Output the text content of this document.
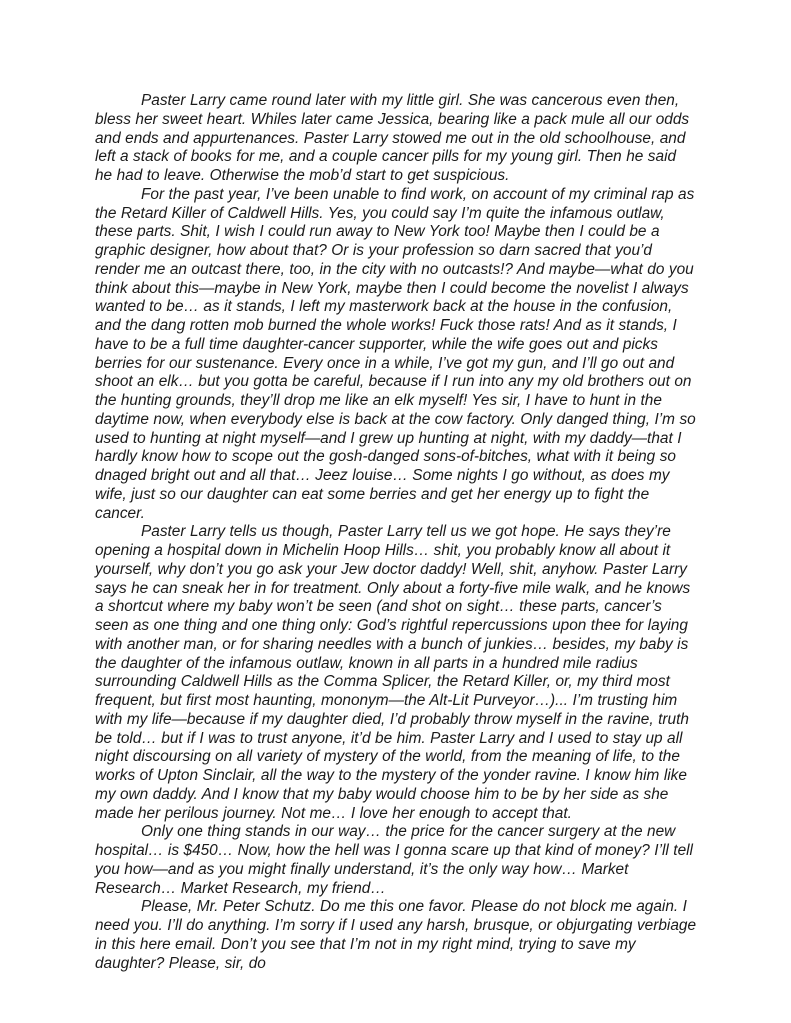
Paster Larry came round later with my little girl. She was cancerous even then, bless her sweet heart. Whiles later came Jessica, bearing like a pack mule all our odds and ends and appurtenances. Paster Larry stowed me out in the old schoolhouse, and left a stack of books for me, and a couple cancer pills for my young girl. Then he said he had to leave. Otherwise the mob’d start to get suspicious.

For the past year, I’ve been unable to find work, on account of my criminal rap as the Retard Killer of Caldwell Hills. Yes, you could say I’m quite the infamous outlaw, these parts. Shit, I wish I could run away to New York too! Maybe then I could be a graphic designer, how about that? Or is your profession so darn sacred that you’d render me an outcast there, too, in the city with no outcasts!? And maybe—what do you think about this—maybe in New York, maybe then I could become the novelist I always wanted to be… as it stands, I left my masterwork back at the house in the confusion, and the dang rotten mob burned the whole works! Fuck those rats! And as it stands, I have to be a full time daughter-cancer supporter, while the wife goes out and picks berries for our sustenance. Every once in a while, I’ve got my gun, and I’ll go out and shoot an elk… but you gotta be careful, because if I run into any my old brothers out on the hunting grounds, they’ll drop me like an elk myself! Yes sir, I have to hunt in the daytime now, when everybody else is back at the cow factory. Only danged thing, I’m so used to hunting at night myself—and I grew up hunting at night, with my daddy—that I hardly know how to scope out the gosh-danged sons-of-bitches, what with it being so dnaged bright out and all that… Jeez louise… Some nights I go without, as does my wife, just so our daughter can eat some berries and get her energy up to fight the cancer.

Paster Larry tells us though, Paster Larry tell us we got hope. He says they’re opening a hospital down in Michelin Hoop Hills… shit, you probably know all about it yourself, why don’t you go ask your Jew doctor daddy! Well, shit, anyhow. Paster Larry says he can sneak her in for treatment. Only about a forty-five mile walk, and he knows a shortcut where my baby won’t be seen (and shot on sight… these parts, cancer’s seen as one thing and one thing only: God’s rightful repercussions upon thee for laying with another man, or for sharing needles with a bunch of junkies… besides, my baby is the daughter of the infamous outlaw, known in all parts in a hundred mile radius surrounding Caldwell Hills as the Comma Splicer, the Retard Killer, or, my third most frequent, but first most haunting, mononym—the Alt-Lit Purveyor…)... I’m trusting him with my life—because if my daughter died, I’d probably throw myself in the ravine, truth be told… but if I was to trust anyone, it’d be him. Paster Larry and I used to stay up all night discoursing on all variety of mystery of the world, from the meaning of life, to the works of Upton Sinclair, all the way to the mystery of the yonder ravine. I know him like my own daddy. And I know that my baby would choose him to be by her side as she made her perilous journey. Not me… I love her enough to accept that.

Only one thing stands in our way… the price for the cancer surgery at the new hospital… is $450… Now, how the hell was I gonna scare up that kind of money? I’ll tell you how—and as you might finally understand, it’s the only way how… Market Research… Market Research, my friend…

Please, Mr. Peter Schutz. Do me this one favor. Please do not block me again. I need you. I’ll do anything. I’m sorry if I used any harsh, brusque, or objurgating verbiage in this here email. Don’t you see that I’m not in my right mind, trying to save my daughter? Please, sir, do
